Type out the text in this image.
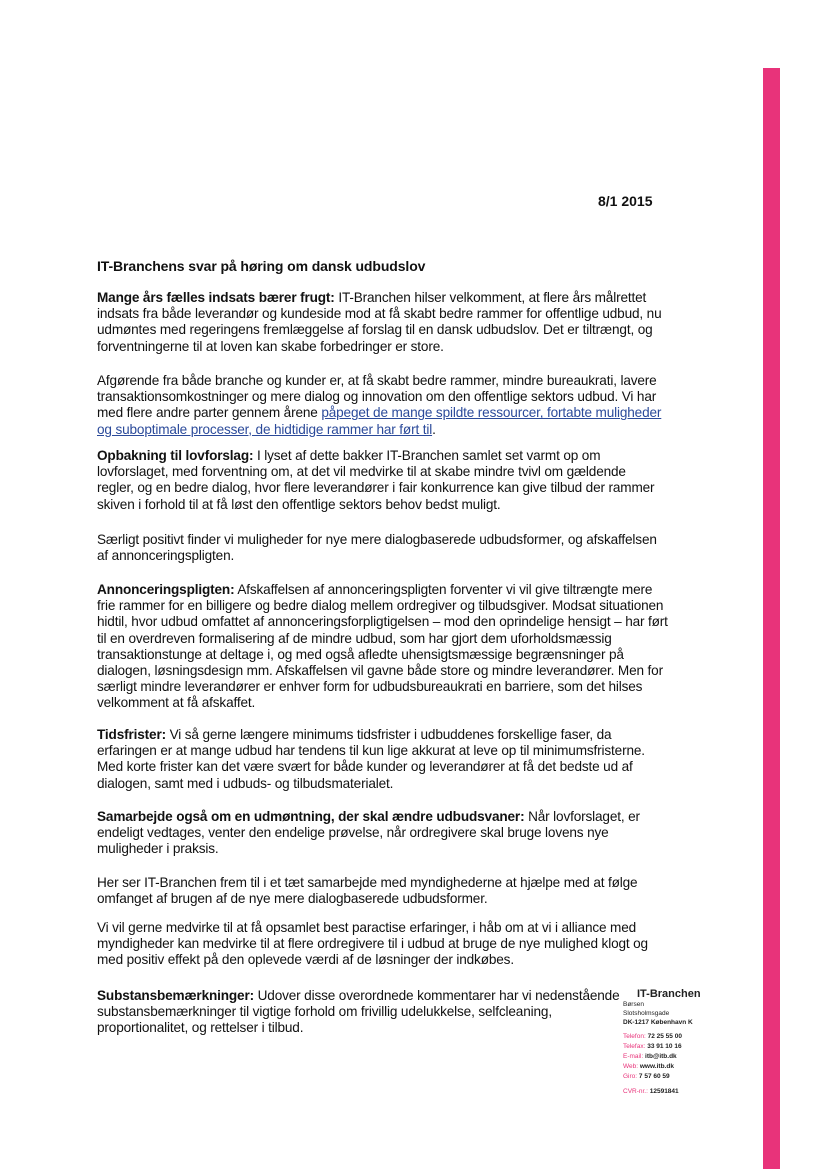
8/1 2015
IT-Branchens svar på høring om dansk udbudslov
Mange års fælles indsats bærer frugt: IT-Branchen hilser velkomment, at flere års målrettet indsats fra både leverandør og kundeside mod at få skabt bedre rammer for offentlige udbud, nu udmøntes med regeringens fremlæggelse af forslag til en dansk udbudslov. Det er tiltrængt, og forventningerne til at loven kan skabe forbedringer er store.
Afgørende fra både branche og kunder er, at få skabt bedre rammer, mindre bureaukrati, lavere transaktionsomkostninger og mere dialog og innovation om den offentlige sektors udbud. Vi har med flere andre parter gennem årene påpeget de mange spildte ressourcer, fortabte muligheder og suboptimale processer, de hidtidige rammer har ført til.
Opbakning til lovforslag: I lyset af dette bakker IT-Branchen samlet set varmt op om lovforslaget, med forventning om, at det vil medvirke til at skabe mindre tvivl om gældende regler, og en bedre dialog, hvor flere leverandører i fair konkurrence kan give tilbud der rammer skiven i forhold til at få løst den offentlige sektors behov bedst muligt.
Særligt positivt finder vi muligheder for nye mere dialogbaserede udbudsformer, og afskaffelsen af annonceringspligten.
Annonceringspligten: Afskaffelsen af annonceringspligten forventer vi vil give tiltrængte mere frie rammer for en billigere og bedre dialog mellem ordregiver og tilbudsgiver. Modsat situationen hidtil, hvor udbud omfattet af annonceringsforpligtigelsen – mod den oprindelige hensigt – har ført til en overdreven formalisering af de mindre udbud, som har gjort dem uforholdsmæssig transaktionstunge at deltage i, og med også afledte uhensigtsmæssige begrænsninger på dialogen, løsningsdesign mm. Afskaffelsen vil gavne både store og mindre leverandører. Men for særligt mindre leverandører er enhver form for udbudsbureaukrati en barriere, som det hilses velkomment at få afskaffet.
Tidsfrister: Vi så gerne længere minimums tidsfrister i udbuddenes forskellige faser, da erfaringen er at mange udbud har tendens til kun lige akkurat at leve op til minimumsfristerne. Med korte frister kan det være svært for både kunder og leverandører at få det bedste ud af dialogen, samt med i udbuds- og tilbudsmaterialet.
Samarbejde også om en udmøntning, der skal ændre udbudsvaner: Når lovforslaget, er endeligt vedtages, venter den endelige prøvelse, når ordregivere skal bruge lovens nye muligheder i praksis.
Her ser IT-Branchen frem til i et tæt samarbejde med myndighederne at hjælpe med at følge omfanget af brugen af de nye mere dialogbaserede udbudsformer.
Vi vil gerne medvirke til at få opsamlet best paractise erfaringer, i håb om at vi i alliance med myndigheder kan medvirke til at flere ordregivere til i udbud at bruge de nye mulighed klogt og med positiv effekt på den oplevede værdi af de løsninger der indkøbes.
Substansbemærkninger: Udover disse overordnede kommentarer har vi nedenstående substansbemærkninger til vigtige forhold om frivillig udelukkelse, selfcleaning, proportionalitet, og rettelser i tilbud.
IT-Branchen
Børsen
Slotsholmsgade
DK-1217 København K
Telefon: 72 25 55 00
Telefax: 33 91 10 16
E-mail: itb@itb.dk
Web: www.itb.dk
Giro: 7 57 60 59
CVR-nr.: 12591841
